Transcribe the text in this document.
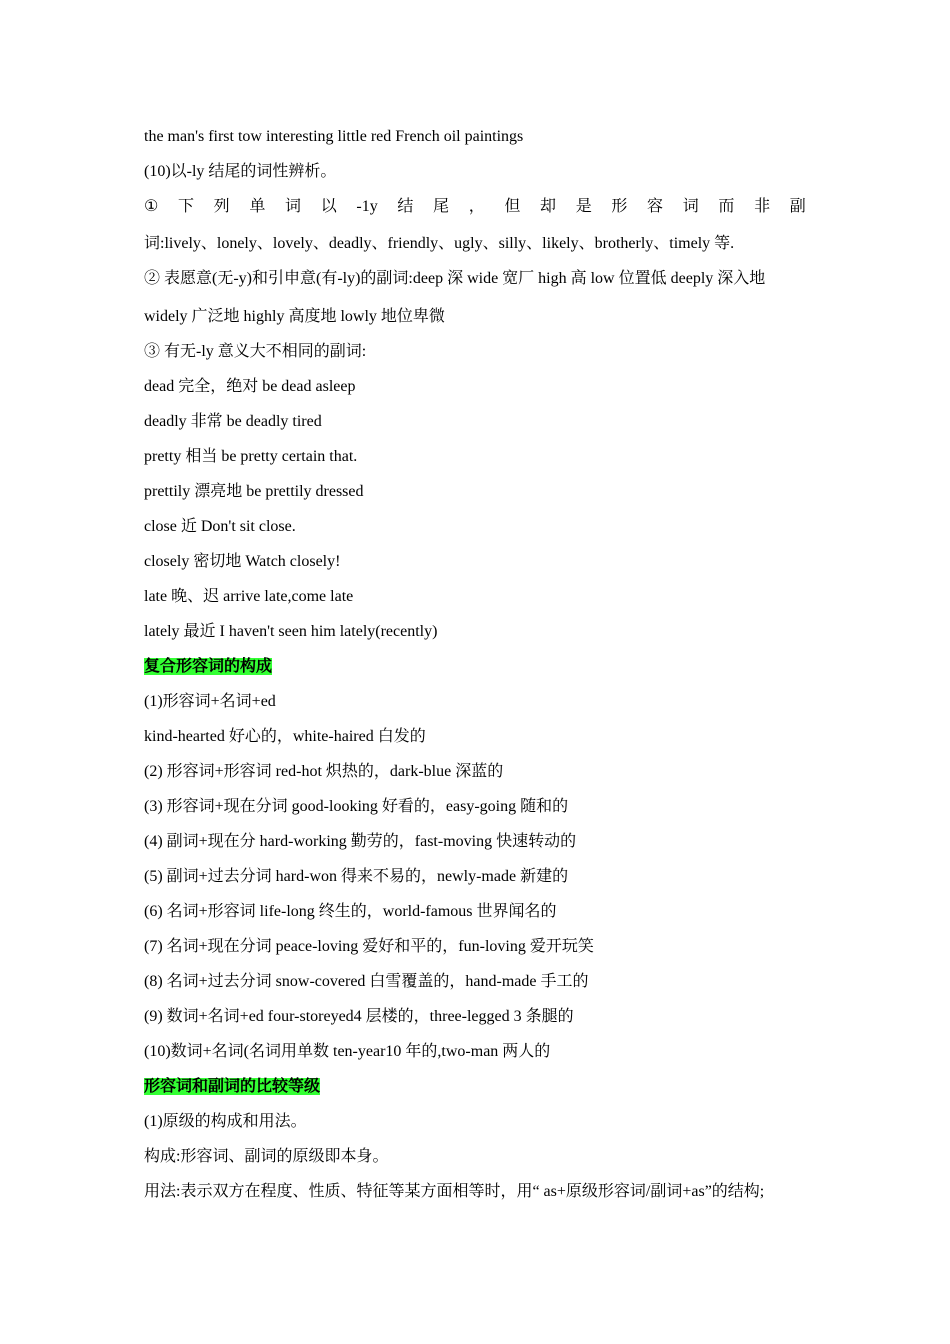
the man's first tow interesting little red French oil paintings
(10)以-ly 结尾的词性辨析。
① 下 列 单 词 以 -1y 结 尾 ， 但 却 是 形 容 词 而 非 副
词:lively、lonely、lovely、deadly、friendly、ugly、silly、likely、brotherly、timely 等.
② 表愿意(无-y)和引申意(有-ly)的副词:deep 深 wide 宽厂 high 高 low 位置低 deeply 深入地
widely 广泛地 highly 高度地 lowly 地位卑微
③ 有无-ly 意义大不相同的副词:
dead 完全，绝对 be dead asleep
deadly 非常 be deadly tired
pretty 相当 be pretty certain that.
prettily 漂亮地 be prettily dressed
close 近 Don't sit close.
closely 密切地 Watch closely!
late 晚、迟 arrive late,come late
lately 最近 I haven't seen him lately(recently)
复合形容词的构成
(1)形容词+名词+ed
kind-hearted 好心的，white-haired 白发的
(2) 形容词+形容词 red-hot 炽热的，dark-blue 深蓝的
(3) 形容词+现在分词 good-looking 好看的，easy-going 随和的
(4) 副词+现在分 hard-working 勤劳的，fast-moving 快速转动的
(5) 副词+过去分词 hard-won 得来不易的，newly-made 新建的
(6) 名词+形容词 life-long 终生的，world-famous 世界闻名的
(7) 名词+现在分词 peace-loving 爱好和平的，fun-loving 爱开玩笑
(8) 名词+过去分词 snow-covered 白雪覆盖的，hand-made 手工的
(9) 数词+名词+ed four-storeyed4 层楼的，three-legged 3 条腿的
(10)数词+名词(名词用单数 ten-year10 年的,two-man 两人的
形容词和副词的比较等级
(1)原级的构成和用法。
构成:形容词、副词的原级即本身。
用法:表示双方在程度、性质、特征等某方面相等时，用“ as+原级形容词/副词+as”的结构;
